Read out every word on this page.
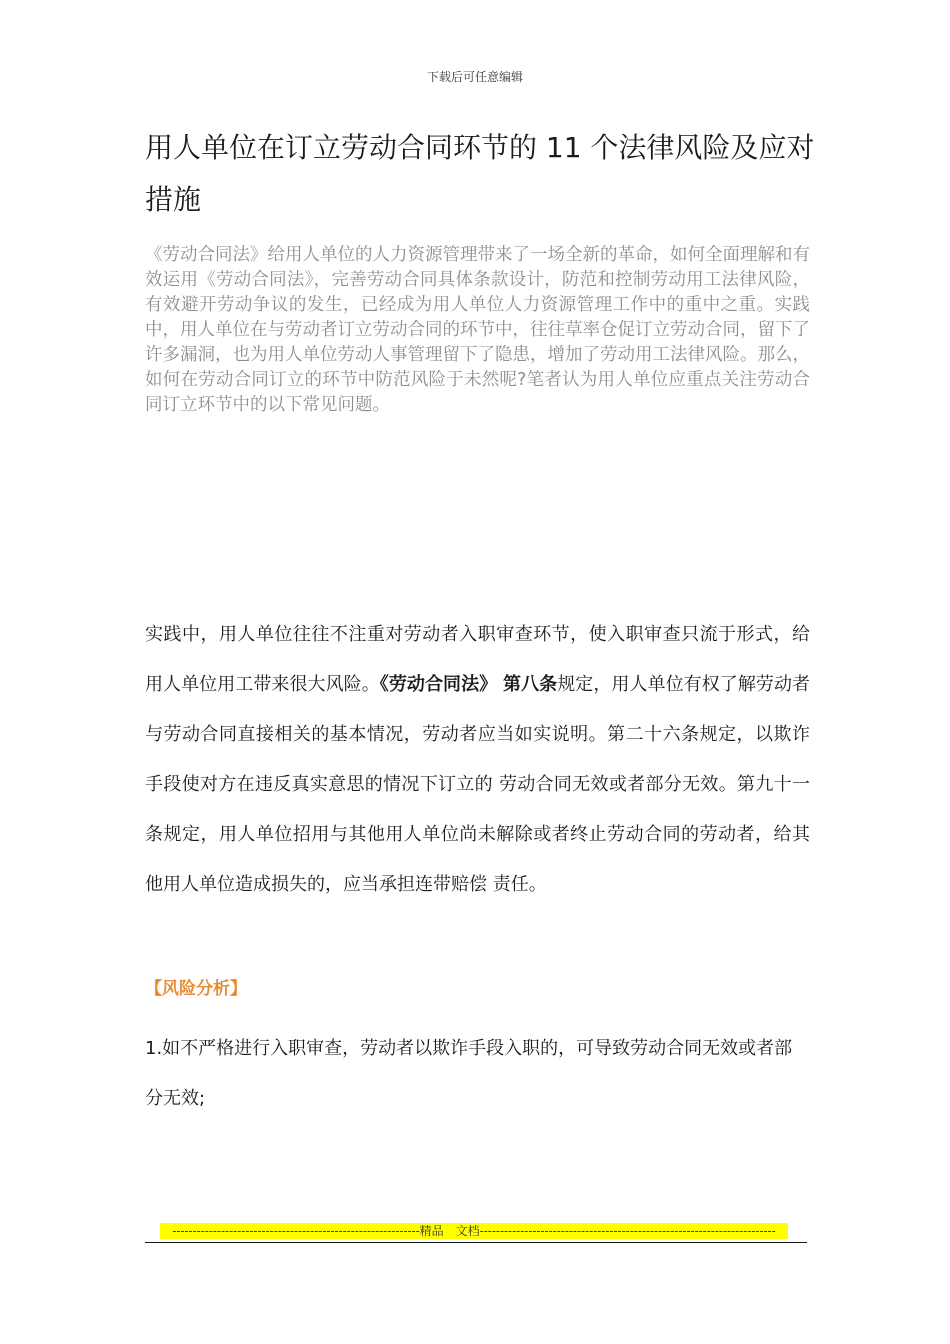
下载后可任意编辑
用人单位在订立劳动合同环节的 11 个法律风险及应对措施

《劳动合同法》给用人单位的人力资源管理带来了一场全新的革命，如何全面理解和有效运用《劳动合同法》，完善劳动合同具体条款设计，防范和控制劳动用工法律风险，有效避开劳动争议的发生，已经成为用人单位人力资源管理工作中的重中之重。实践中，用人单位在与劳动者订立劳动合同的环节中，往往草率仓促订立劳动合同，留下了许多漏洞，也为用人单位劳动人事管理留下了隐患，增加了劳动用工法律风险。那么，如何在劳动合同订立的环节中防范风险于未然呢?笔者认为用人单位应重点关注劳动合同订立环节中的以下常见问题。

实践中，用人单位往往不注重对劳动者入职审查环节，使入职审查只流于形式，给用人单位用工带来很大风险。《劳动合同法》 第八条规定，用人单位有权了解劳动者与劳动合同直接相关的基本情况，劳动者应当如实说明。第二十六条规定，以欺诈手段使对方在违反真实意思的情况下订立的 劳动合同无效或者部分无效。第九十一条规定，用人单位招用与其他用人单位尚未解除或者终止劳动合同的劳动者，给其他用人单位造成损失的，应当承担连带赔偿 责任。

【风险分析】

1.如不严格进行入职审查，劳动者以欺诈手段入职的，可导致劳动合同无效或者部分无效;

-------------------------------------------------------------精品　文档-------------------------------------------------------------------------
